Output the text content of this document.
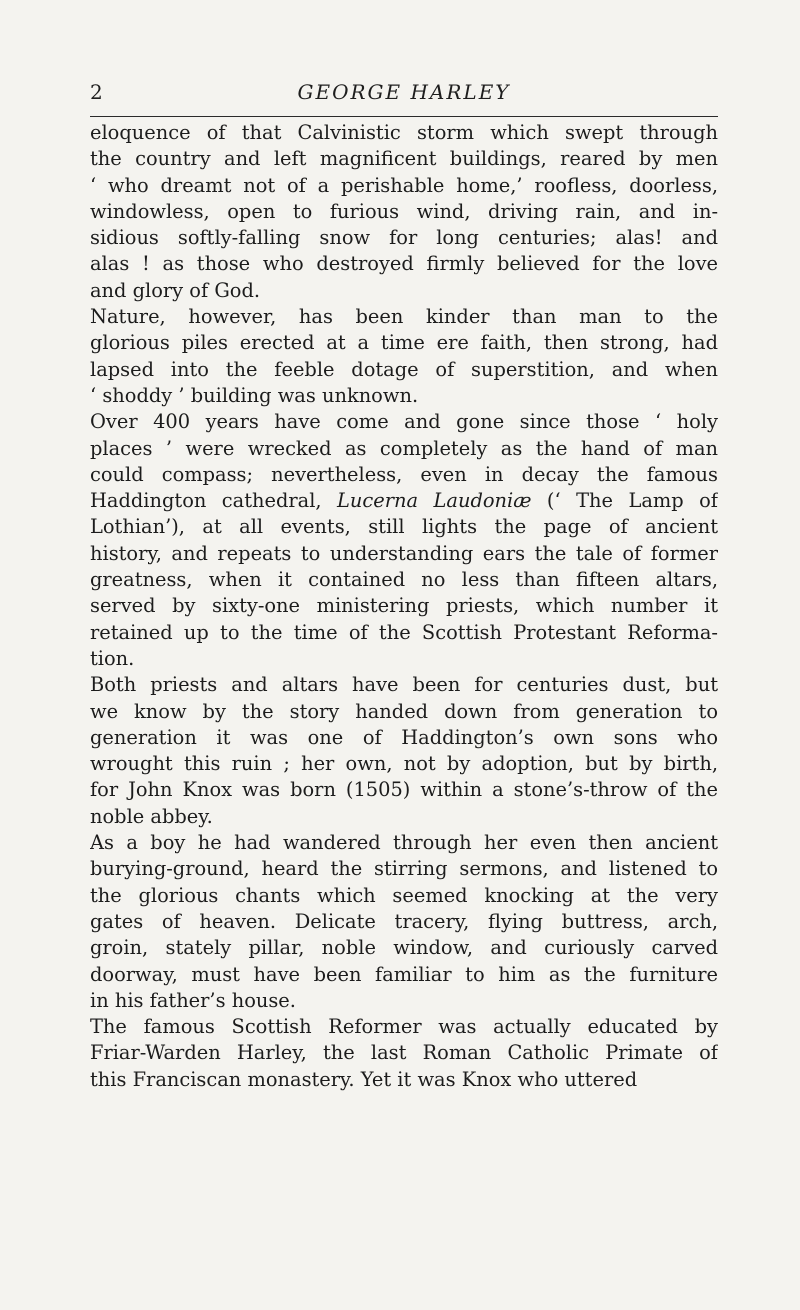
2	GEORGE HARLEY

eloquence of that Calvinistic storm which swept through
the country and left magnificent buildings, reared by men
‘ who dreamt not of a perishable home,’ roofless, doorless,
windowless, open to furious wind, driving rain, and in-
sidious softly-falling snow for long centuries; alas! and
alas ! as those who destroyed firmly believed for the love
and glory of God.

Nature, however, has been kinder than man to the
glorious piles erected at a time ere faith, then strong, had
lapsed into the feeble dotage of superstition, and when
‘ shoddy ’ building was unknown.

Over 400 years have come and gone since those ‘ holy
places ’ were wrecked as completely as the hand of man
could compass; nevertheless, even in decay the famous
Haddington cathedral, Lucerna Laudoniæ (‘ The Lamp of
Lothian’), at all events, still lights the page of ancient
history, and repeats to understanding ears the tale of former
greatness, when it contained no less than fifteen altars,
served by sixty-one ministering priests, which number it
retained up to the time of the Scottish Protestant Reforma-
tion.

Both priests and altars have been for centuries dust, but
we know by the story handed down from generation to
generation it was one of Haddington’s own sons who
wrought this ruin ; her own, not by adoption, but by birth,
for John Knox was born (1505) within a stone’s-throw of the
noble abbey.

As a boy he had wandered through her even then ancient
burying-ground, heard the stirring sermons, and listened to
the glorious chants which seemed knocking at the very
gates of heaven. Delicate tracery, flying buttress, arch,
groin, stately pillar, noble window, and curiously carved
doorway, must have been familiar to him as the furniture
in his father’s house.

The famous Scottish Reformer was actually educated by
Friar-Warden Harley, the last Roman Catholic Primate of
this Franciscan monastery. Yet it was Knox who uttered
